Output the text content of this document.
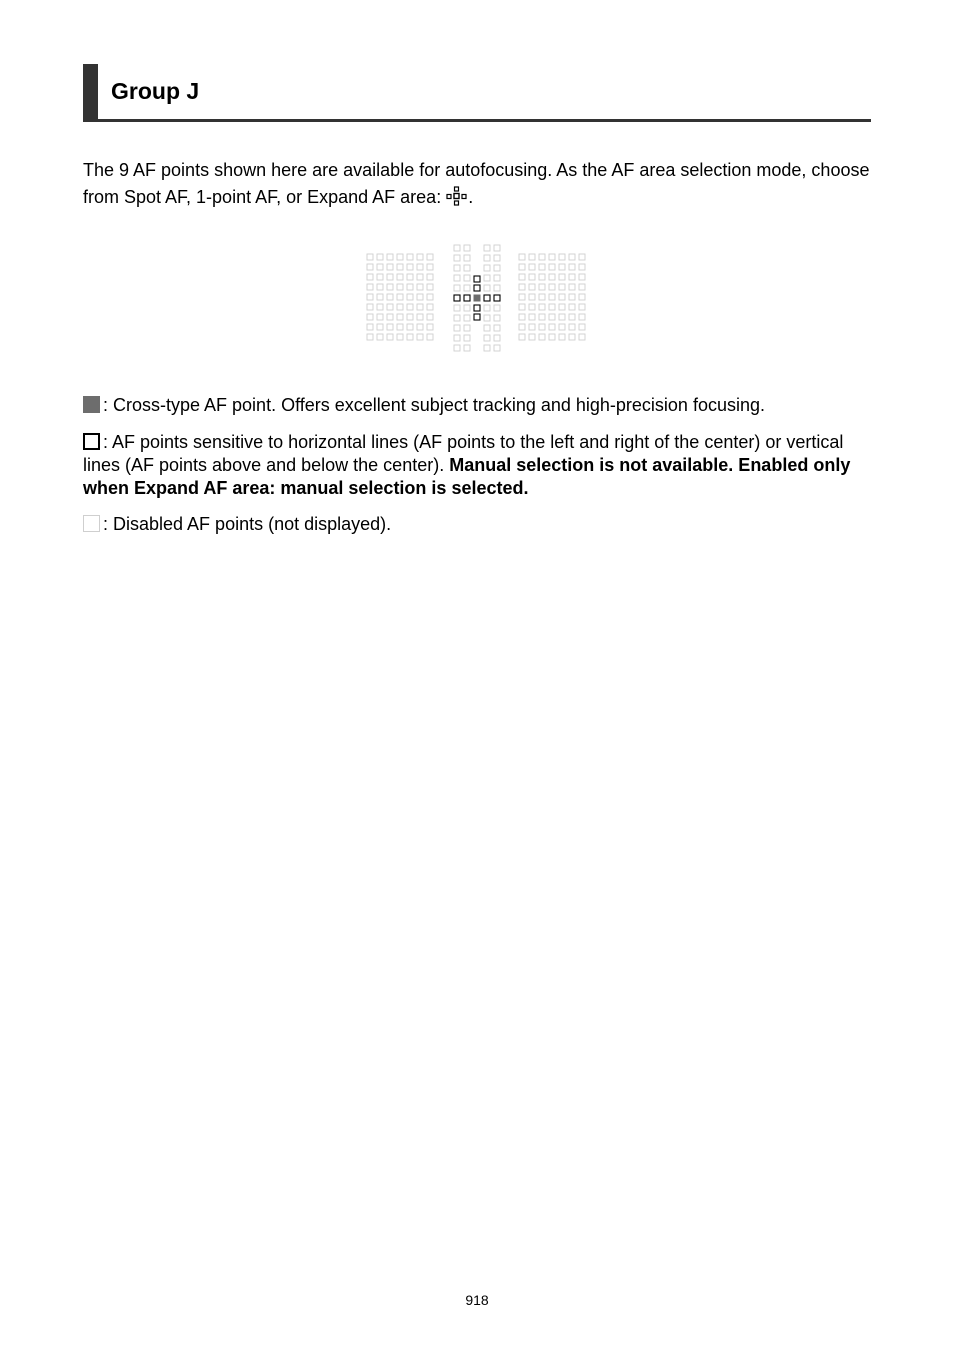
Group J
The 9 AF points shown here are available for autofocusing. As the AF area selection mode, choose from Spot AF, 1-point AF, or Expand AF area: .
: Cross-type AF point. Offers excellent subject tracking and high-precision focusing.
: AF points sensitive to horizontal lines (AF points to the left and right of the center) or vertical lines (AF points above and below the center). Manual selection is not available. Enabled only when Expand AF area: manual selection is selected.
: Disabled AF points (not displayed).
918
